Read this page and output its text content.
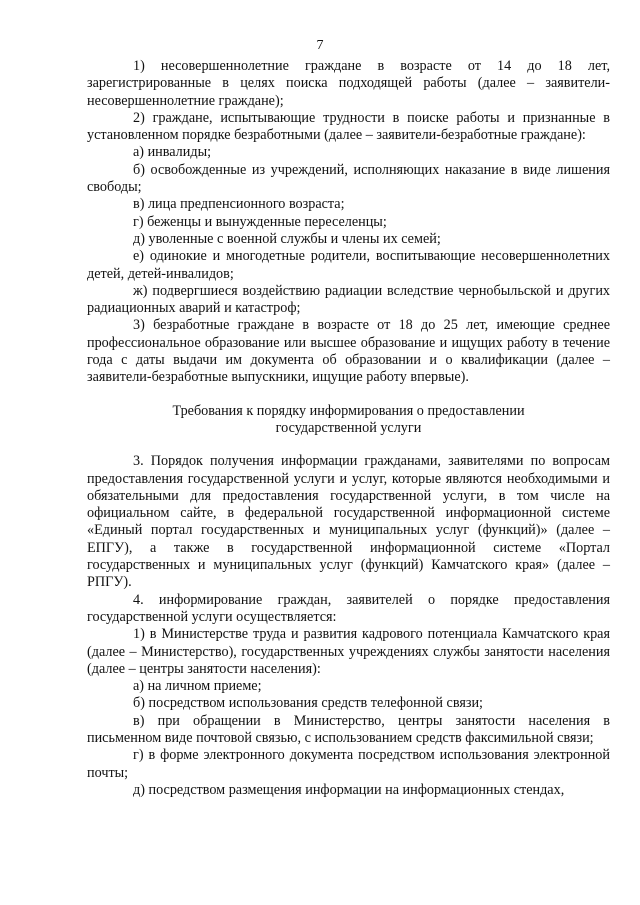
7

1) несовершеннолетние граждане в возрасте от 14 до 18 лет, зарегистрированные в целях поиска подходящей работы (далее – заявители-несовершеннолетние граждане);

2) граждане, испытывающие трудности в поиске работы и признанные в установленном порядке безработными (далее – заявители-безработные граждане):

а) инвалиды;

б) освобожденные из учреждений, исполняющих наказание в виде лишения свободы;

в) лица предпенсионного возраста;

г) беженцы и вынужденные переселенцы;

д) уволенные с военной службы и члены их семей;

е) одинокие и многодетные родители, воспитывающие несовершеннолетних детей, детей-инвалидов;

ж) подвергшиеся воздействию радиации вследствие чернобыльской и других радиационных аварий и катастроф;

3) безработные граждане в возрасте от 18 до 25 лет, имеющие среднее профессиональное образование или высшее образование и ищущих работу в течение года с даты выдачи им документа об образовании и о квалификации (далее – заявители-безработные выпускники, ищущие работу впервые).

Требования к порядку информирования о предоставлении

государственной услуги

3. Порядок получения информации гражданами, заявителями по вопросам предоставления государственной услуги и услуг, которые являются необходимыми и обязательными для предоставления государственной услуги, в том числе на официальном сайте, в федеральной государственной информационной системе «Единый портал государственных и муниципальных услуг (функций)» (далее – ЕПГУ), а также в государственной информационной системе «Портал государственных и муниципальных услуг (функций) Камчатского края» (далее – РПГУ).

4. информирование граждан, заявителей о порядке предоставления государственной услуги осуществляется:

1) в Министерстве труда и развития кадрового потенциала Камчатского края (далее – Министерство), государственных учреждениях службы занятости населения (далее – центры занятости населения):

а) на личном приеме;

б) посредством использования средств телефонной связи;

в) при обращении в Министерство, центры занятости населения в письменном виде почтовой связью, с использованием средств факсимильной связи;

г) в форме электронного документа посредством использования электронной почты;

д) посредством размещения информации на информационных стендах,
